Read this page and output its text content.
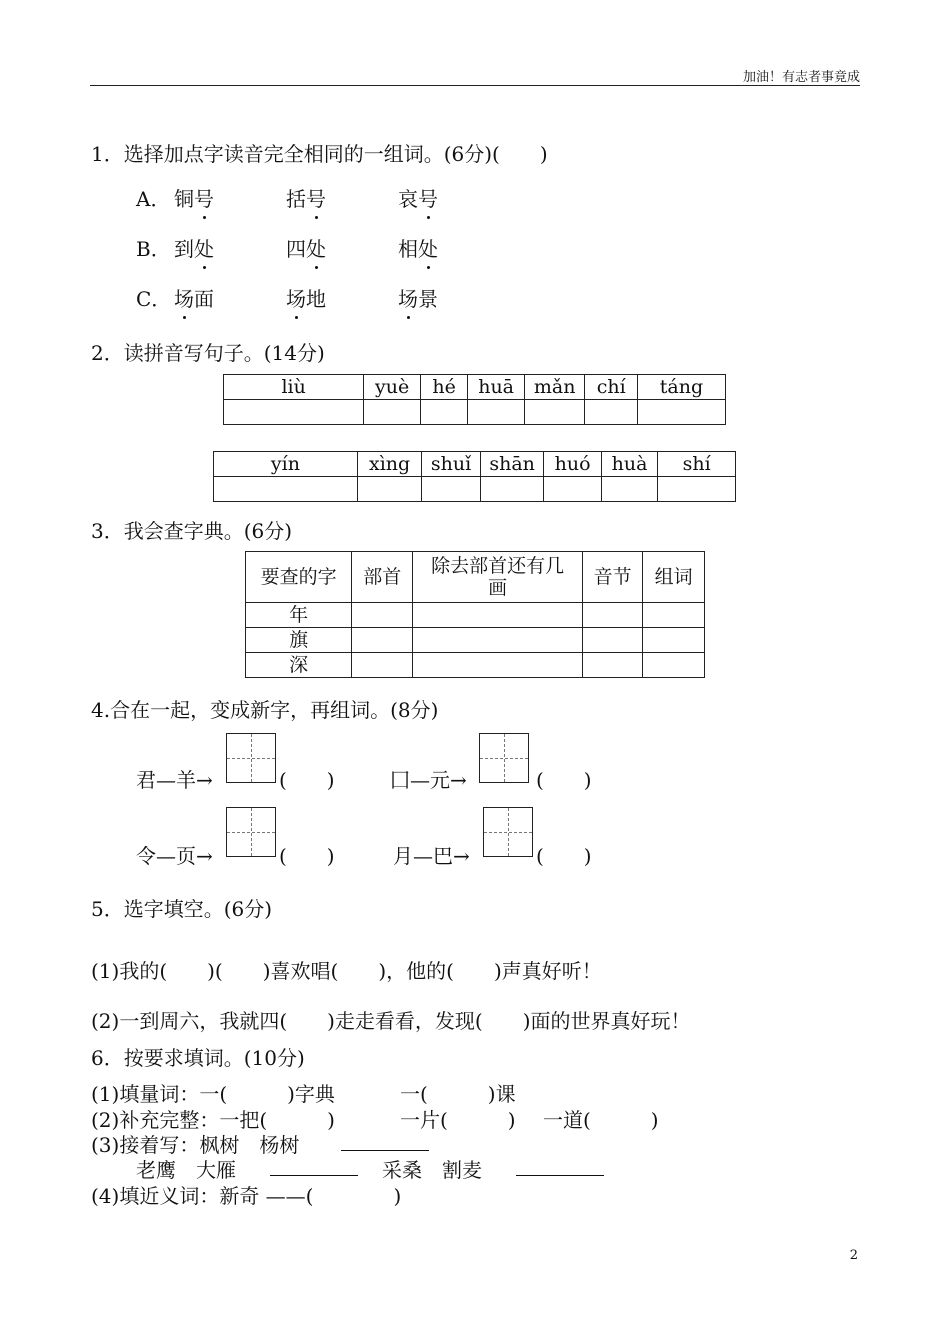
加油！有志者事竟成
1．选择加点字读音完全相同的一组词。(6分)(　　)
A． 铜号	括号	哀号
B． 到处	四处	相处
C． 场面	场地	场景
2．读拼音写句子。(14分)
liù	yuè	hé	huā	mǎn	chí	táng

yín	xìng	shuǐ	shān	huó	huà	shí

3．我会查字典。(6分)
要查的字	部首	除去部首还有几画	音节	组词
年				
旗				
深				
4.合在一起，变成新字，再组词。(8分)
君—羊→	(　　)	囗—元→	(　　)
令—页→	(　　)	月—巴→	(　　)
5．选字填空。(6分)
(1)我的(　　)(　　)喜欢唱(　　)，他的(　　)声真好听！
(2)一到周六，我就四(　　)走走看看，发现(　　)面的世界真好玩！
6．按要求填词。(10分)
(1)填量词：一(　　　)字典	一(　　　)课
(2)补充完整：一把(　　　)	一片(　　　) 一道(　　　)
(3)接着写：枫树　杨树
老鹰　大雁	采桑　割麦
(4)填近义词：新奇 ——(　　　　)
2
